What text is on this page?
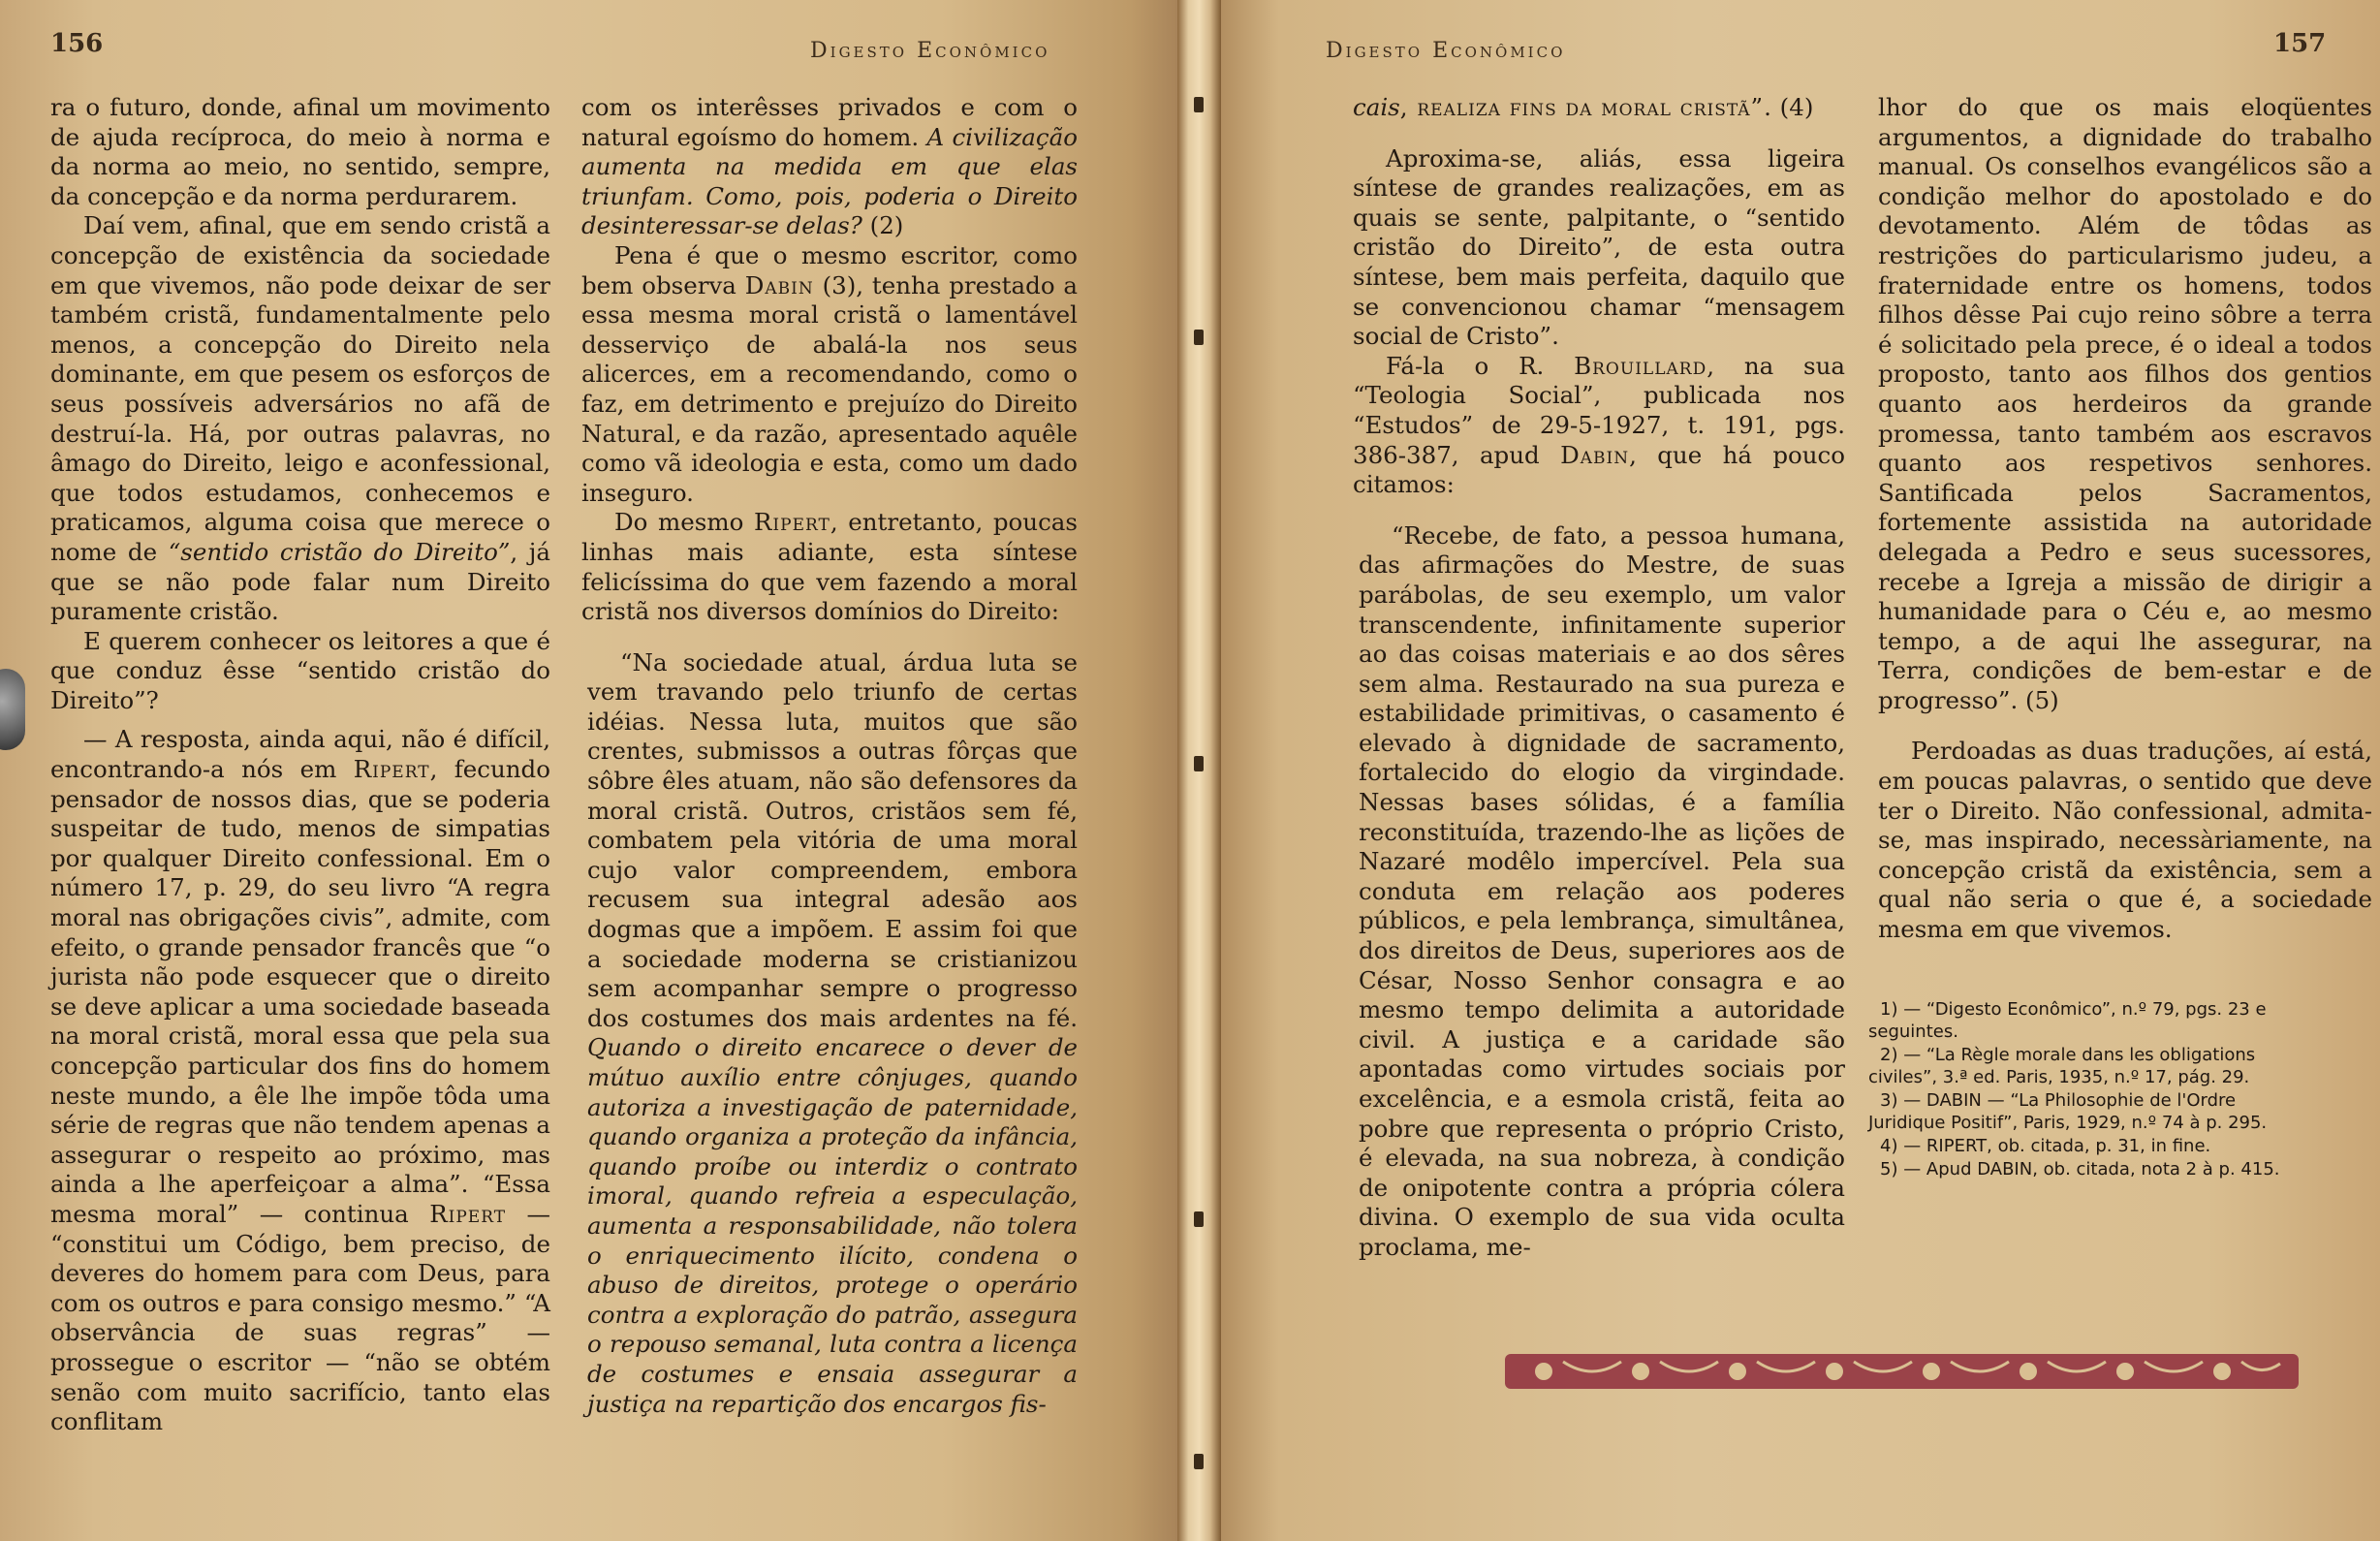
156	Digesto Econômico

ra o futuro, donde, afinal um movimento de ajuda recíproca, do meio à norma e da norma ao meio, no sentido, sempre, da concepção e da norma perdurarem.

Daí vem, afinal, que em sendo cristã a concepção de existência da sociedade em que vivemos, não pode deixar de ser também cristã, fundamentalmente pelo menos, a concepção do Direito nela dominante, em que pesem os esforços de seus possíveis adversários no afã de destruí-la. Há, por outras palavras, no âmago do Direito, leigo e aconfessional, que todos estudamos, conhecemos e praticamos, alguma coisa que merece o nome de “sentido cristão do Direito”, já que se não pode falar num Direito puramente cristão.

E querem conhecer os leitores a que é que conduz êsse “sentido cristão do Direito”?

— A resposta, ainda aqui, não é difícil, encontrando-a nós em Ripert, fecundo pensador de nossos dias, que se poderia suspeitar de tudo, menos de simpatias por qualquer Direito confessional. Em o número 17, p. 29, do seu livro “A regra moral nas obrigações civis”, admite, com efeito, o grande pensador francês que “o jurista não pode esquecer que o direito se deve aplicar a uma sociedade baseada na moral cristã, moral essa que pela sua concepção particular dos fins do homem neste mundo, a êle lhe impõe tôda uma série de regras que não tendem apenas a assegurar o respeito ao próximo, mas ainda a lhe aperfeiçoar a alma”. “Essa mesma moral” — continua Ripert — “constitui um Código, bem preciso, de deveres do homem para com Deus, para com os outros e para consigo mesmo.” “A observância de suas regras” — prossegue o escritor — “não se obtém senão com muito sacrifício, tanto elas conflitam

com os interêsses privados e com o natural egoísmo do homem. A civilização aumenta na medida em que elas triunfam. Como, pois, poderia o Direito desinteressar-se delas? (2)

Pena é que o mesmo escritor, como bem observa Dabin (3), tenha prestado a essa mesma moral cristã o lamentável desserviço de abalá-la nos seus alicerces, em a recomendando, como o faz, em detrimento e prejuízo do Direito Natural, e da razão, apresentado aquêle como vã ideologia e esta, como um dado inseguro.

Do mesmo Ripert, entretanto, poucas linhas mais adiante, esta síntese felicíssima do que vem fazendo a moral cristã nos diversos domínios do Direito:

“Na sociedade atual, árdua luta se vem travando pelo triunfo de certas idéias. Nessa luta, muitos que são crentes, submissos a outras fôrças que sôbre êles atuam, não são defensores da moral cristã. Outros, cristãos sem fé, combatem pela vitória de uma moral cujo valor compreendem, embora recusem sua integral adesão aos dogmas que a impõem. E assim foi que a sociedade moderna se cristianizou sem acompanhar sempre o progresso dos costumes dos mais ardentes na fé. Quando o direito encarece o dever de mútuo auxílio entre cônjuges, quando autoriza a investigação de paternidade, quando organiza a proteção da infância, quando proíbe ou interdiz o contrato imoral, quando refreia a especulação, aumenta a responsabilidade, não tolera o enriquecimento ilícito, condena o abuso de direitos, protege o operário contra a exploração do patrão, assegura o repouso semanal, luta contra a licença de costumes e ensaia assegurar a justiça na repartição dos encargos fis-

Digesto Econômico	157

cais, realiza fins da moral cristã”. (4)

Aproxima-se, aliás, essa ligeira síntese de grandes realizações, em as quais se sente, palpitante, o “sentido cristão do Direito”, de esta outra síntese, bem mais perfeita, daquilo que se convencionou chamar “mensagem social de Cristo”.

Fá-la o R. Brouillard, na sua “Teologia Social”, publicada nos “Estudos” de 29-5-1927, t. 191, pgs. 386-387, apud Dabin, que há pouco citamos:

“Recebe, de fato, a pessoa humana, das afirmações do Mestre, de suas parábolas, de seu exemplo, um valor transcendente, infinitamente superior ao das coisas materiais e ao dos sêres sem alma. Restaurado na sua pureza e estabilidade primitivas, o casamento é elevado à dignidade de sacramento, fortalecido do elogio da virgindade. Nessas bases sólidas, é a família reconstituída, trazendo-lhe as lições de Nazaré modêlo impercível. Pela sua conduta em relação aos poderes públicos, e pela lembrança, simultânea, dos direitos de Deus, superiores aos de César, Nosso Senhor consagra e ao mesmo tempo delimita a autoridade civil. A justiça e a caridade são apontadas como virtudes sociais por excelência, e a esmola cristã, feita ao pobre que representa o próprio Cristo, é elevada, na sua nobreza, à condição de onipotente contra a própria cólera divina. O exemplo de sua vida oculta proclama, me-

lhor do que os mais eloqüentes argumentos, a dignidade do trabalho manual. Os conselhos evangélicos são a condição melhor do apostolado e do devotamento. Além de tôdas as restrições do particularismo judeu, a fraternidade entre os homens, todos filhos dêsse Pai cujo reino sôbre a terra é solicitado pela prece, é o ideal a todos proposto, tanto aos filhos dos gentios quanto aos herdeiros da grande promessa, tanto também aos escravos quanto aos respetivos senhores. Santificada pelos Sacramentos, fortemente assistida na autoridade delegada a Pedro e seus sucessores, recebe a Igreja a missão de dirigir a humanidade para o Céu e, ao mesmo tempo, a de aqui lhe assegurar, na Terra, condições de bem-estar e de progresso”. (5)

Perdoadas as duas traduções, aí está, em poucas palavras, o sentido que deve ter o Direito. Não confessional, admita-se, mas inspirado, necessàriamente, na concepção cristã da existência, sem a qual não seria o que é, a sociedade mesma em que vivemos.

1) — “Digesto Econômico”, n.º 79, pgs. 23 e seguintes.

2) — “La Règle morale dans les obligations civiles”, 3.ª ed. Paris, 1935, n.º 17, pág. 29.

3) — DABIN — “La Philosophie de l'Ordre Juridique Positif”, Paris, 1929, n.º 74 à p. 295.

4) — RIPERT, ob. citada, p. 31, in fine.

5) — Apud DABIN, ob. citada, nota 2 à p. 415.
